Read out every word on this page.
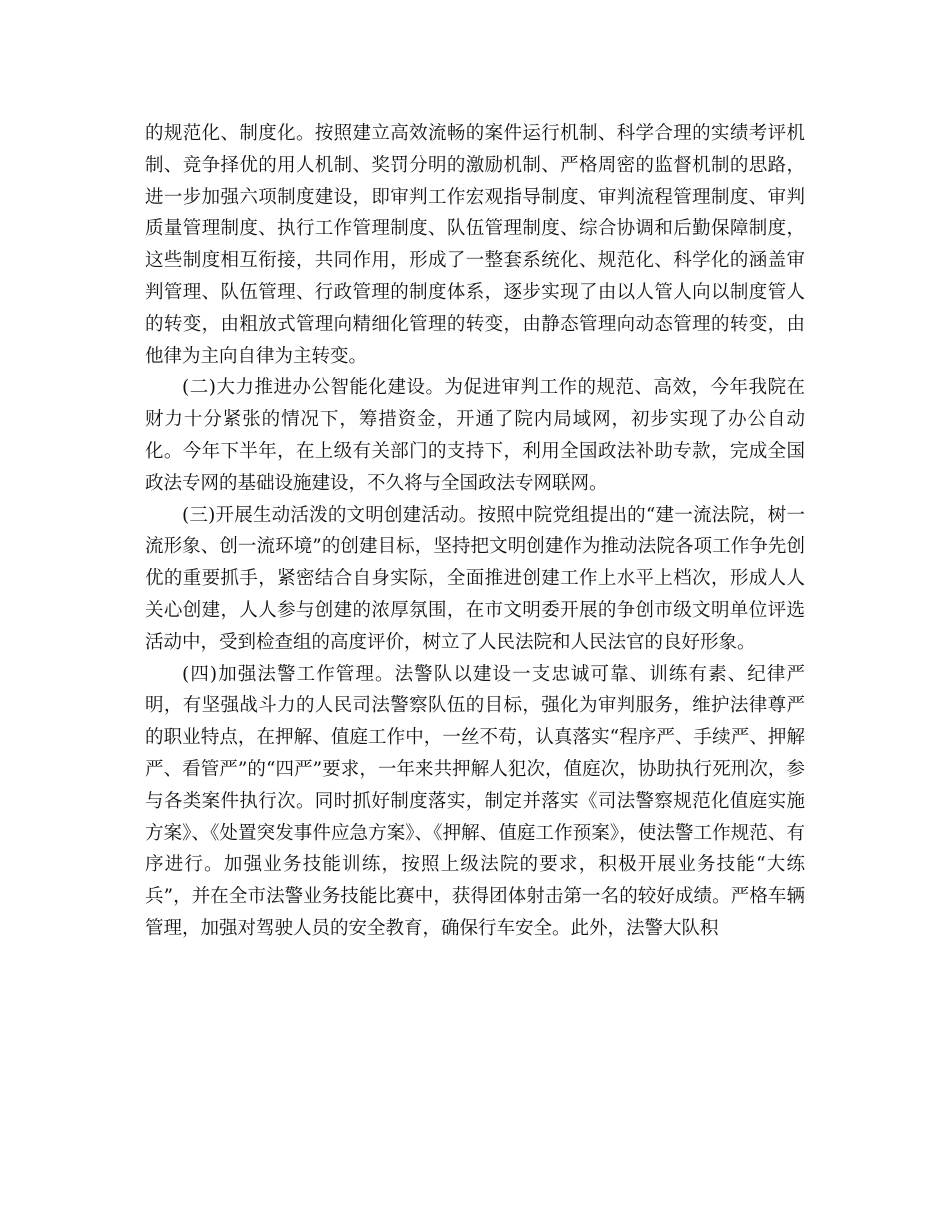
的规范化、制度化。按照建立高效流畅的案件运行机制、科学合理的实绩考评机制、竞争择优的用人机制、奖罚分明的激励机制、严格周密的监督机制的思路，进一步加强六项制度建设，即审判工作宏观指导制度、审判流程管理制度、审判质量管理制度、执行工作管理制度、队伍管理制度、综合协调和后勤保障制度，这些制度相互衔接，共同作用，形成了一整套系统化、规范化、科学化的涵盖审判管理、队伍管理、行政管理的制度体系，逐步实现了由以人管人向以制度管人的转变，由粗放式管理向精细化管理的转变，由静态管理向动态管理的转变，由他律为主向自律为主转变。

(二)大力推进办公智能化建设。为促进审判工作的规范、高效，今年我院在财力十分紧张的情况下，筹措资金，开通了院内局域网，初步实现了办公自动化。今年下半年，在上级有关部门的支持下，利用全国政法补助专款，完成全国政法专网的基础设施建设，不久将与全国政法专网联网。

(三)开展生动活泼的文明创建活动。按照中院党组提出的“建一流法院，树一流形象、创一流环境”的创建目标，坚持把文明创建作为推动法院各项工作争先创优的重要抓手，紧密结合自身实际，全面推进创建工作上水平上档次，形成人人关心创建，人人参与创建的浓厚氛围，在市文明委开展的争创市级文明单位评选活动中，受到检查组的高度评价，树立了人民法院和人民法官的良好形象。

(四)加强法警工作管理。法警队以建设一支忠诚可靠、训练有素、纪律严明，有坚强战斗力的人民司法警察队伍的目标，强化为审判服务，维护法律尊严的职业特点，在押解、值庭工作中，一丝不苟，认真落实“程序严、手续严、押解严、看管严”的“四严”要求，一年来共押解人犯次，值庭次，协助执行死刑次，参与各类案件执行次。同时抓好制度落实，制定并落实《司法警察规范化值庭实施方案》、《处置突发事件应急方案》、《押解、值庭工作预案》，使法警工作规范、有序进行。加强业务技能训练，按照上级法院的要求，积极开展业务技能“大练兵”，并在全市法警业务技能比赛中，获得团体射击第一名的较好成绩。严格车辆管理，加强对驾驶人员的安全教育，确保行车安全。此外，法警大队积
